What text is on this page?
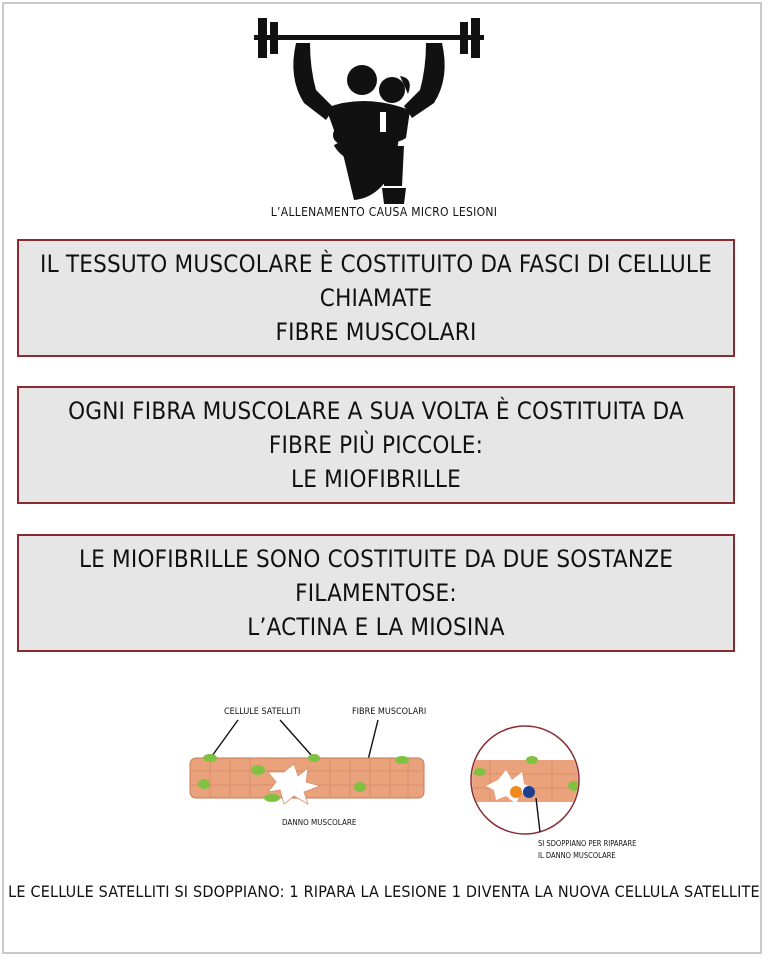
L’ALLENAMENTO CAUSA MICRO LESIONI
IL TESSUTO MUSCOLARE È COSTITUITO DA FASCI DI CELLULE CHIAMATE
FIBRE MUSCOLARI
OGNI FIBRA MUSCOLARE A SUA VOLTA È COSTITUITA DA FIBRE PIÙ PICCOLE:
LE MIOFIBRILLE
LE MIOFIBRILLE SONO COSTITUITE DA DUE SOSTANZE FILAMENTOSE:
L’ACTINA E LA MIOSINA
CELLULE SATELLITI	FIBRE MUSCOLARI
DANNO MUSCOLARE
SI SDOPPIANO PER RIPARARE
IL DANNO MUSCOLARE
LE CELLULE SATELLITI SI SDOPPIANO: 1 RIPARA LA LESIONE 1 DIVENTA LA NUOVA CELLULA SATELLITE
